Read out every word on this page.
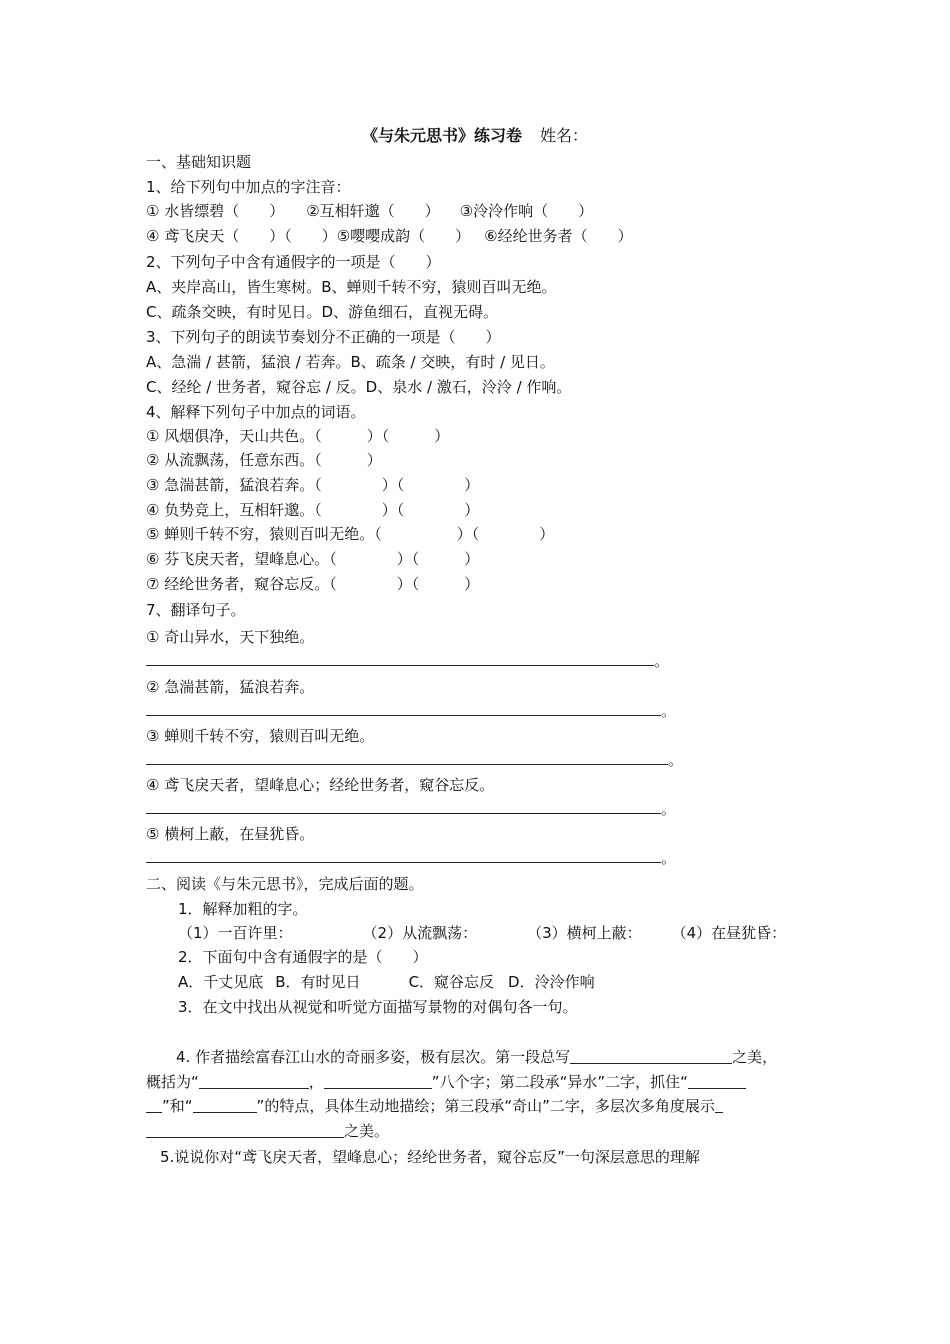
《与朱元思书》练习卷 姓名：
一、基础知识题
1、给下列句中加点的字注音：
① 水皆缥碧（　　） ②互相轩邈（　　） ③泠泠作响（　　）
④ 鸢飞戾天（　　）（　　）⑤嘤嘤成韵（　　） ⑥经纶世务者（　　）
2、下列句子中含有通假字的一项是（　　）
A、夹岸高山，皆生寒树。B、蝉则千转不穷，猿则百叫无绝。
C、疏条交映，有时见日。D、游鱼细石，直视无碍。
3、下列句子的朗读节奏划分不正确的一项是（　　）
A、急湍 / 甚箭，猛浪 / 若奔。B、疏条 / 交映，有时 / 见日。
C、经纶 / 世务者，窥谷忘 / 反。D、泉水 / 激石，泠泠 / 作响。
4、解释下列句子中加点的词语。
① 风烟俱净，天山共色。（　　　）（　　　）
② 从流飘荡，任意东西。（　　　）
③ 急湍甚箭，猛浪若奔。（　　　　）（　　　　）
④ 负势竞上，互相轩邈。（　　　　）（　　　　）
⑤ 蝉则千转不穷，猿则百叫无绝。（　　　　　）（　　　　）
⑥ 芬飞戾天者，望峰息心。（　　　　）（　　　）
⑦ 经纶世务者，窥谷忘反。（　　　　）（　　　）
7、翻译句子。
① 奇山异水，天下独绝。
。
② 急湍甚箭，猛浪若奔。
。
③ 蝉则千转不穷，猿则百叫无绝。
。
④ 鸢飞戾天者，望峰息心；经纶世务者，窥谷忘反。
。
⑤ 横柯上蔽，在昼犹昏。
。
二、阅读《与朱元思书》，完成后面的题。
1．解释加粗的字。
（1）一百许里：	（2）从流飘荡：	（3）横柯上蔽： （4）在昼犹昏：
2．下面句中含有通假字的是（　　）
A．千丈见底 B．有时见日	C．窥谷忘反 D．泠泠作响
3．在文中找出从视觉和听觉方面描写景物的对偶句各一句。
4. 作者描绘富春江山水的奇丽多姿，极有层次。第一段总写	之美，
概括为“	，	”八个字；第二段承“异水”二字，抓住“
”和“	”的特点，具体生动地描绘；第三段承“奇山”二字，多层次多角度展示
之美。
5.说说你对“鸢飞戾天者，望峰息心；经纶世务者，窥谷忘反”一句深层意思的理解
